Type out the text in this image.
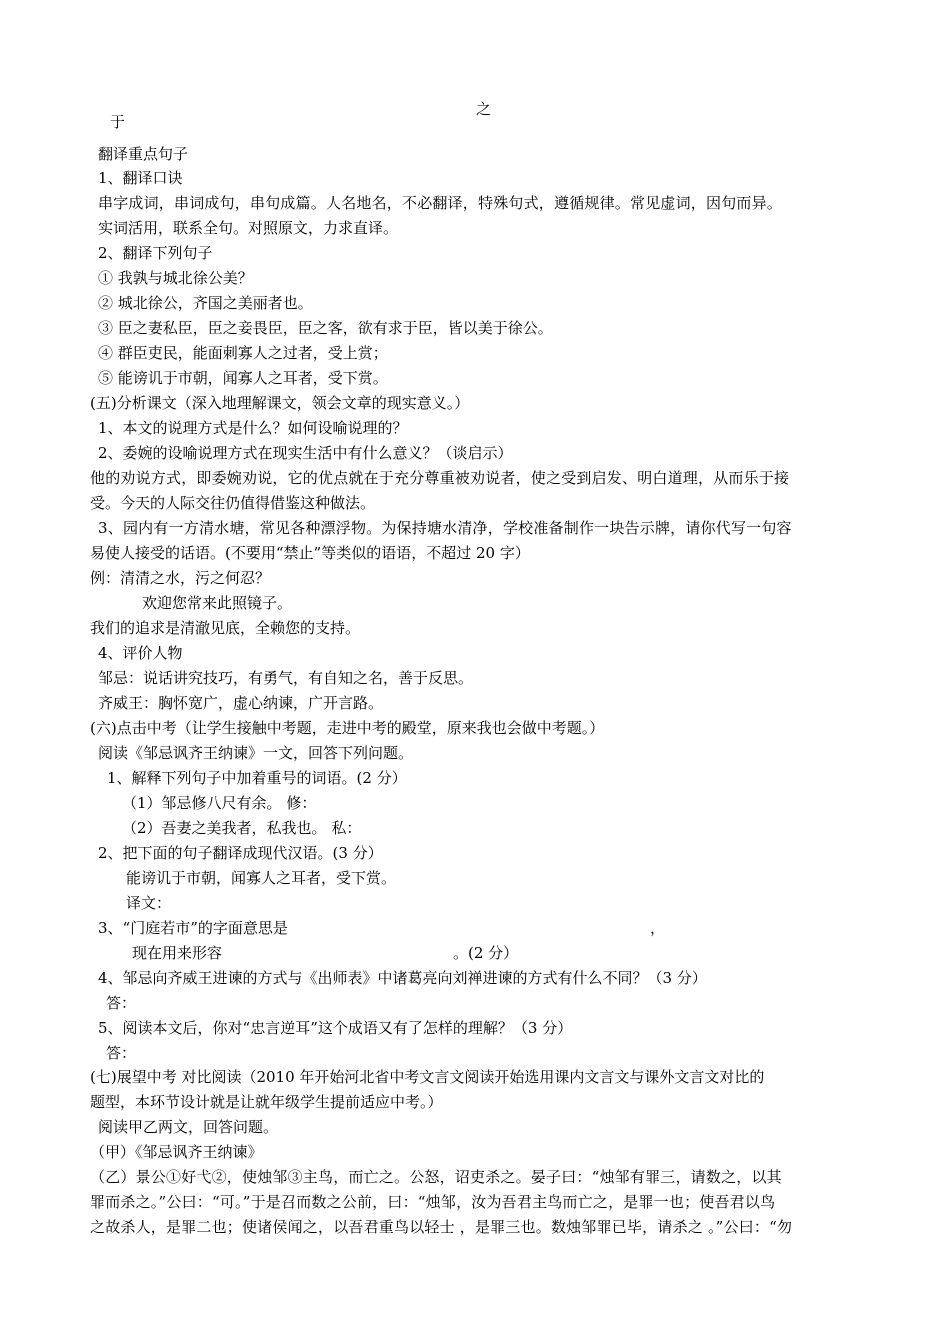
之
于
翻译重点句子
1、翻译口诀
串字成词，串词成句，串句成篇。人名地名，不必翻译，特殊句式，遵循规律。常见虚词，因句而异。
实词活用，联系全句。对照原文，力求直译。
2、翻译下列句子
① 我孰与城北徐公美？
② 城北徐公，齐国之美丽者也。
③ 臣之妻私臣，臣之妾畏臣，臣之客，欲有求于臣，皆以美于徐公。
④ 群臣吏民，能面刺寡人之过者，受上赏；
⑤ 能谤讥于市朝，闻寡人之耳者，受下赏。
(五)分析课文（深入地理解课文，领会文章的现实意义。）
1、本文的说理方式是什么？如何设喻说理的？
2、委婉的设喻说理方式在现实生活中有什么意义？（谈启示）
他的劝说方式，即委婉劝说，它的优点就在于充分尊重被劝说者，使之受到启发、明白道理，从而乐于接
受。今天的人际交往仍值得借鉴这种做法。
3、园内有一方清水塘，常见各种漂浮物。为保持塘水清净，学校准备制作一块告示牌，请你代写一句容
易使人接受的话语。(不要用“禁止”等类似的语语，不超过 20 字）
例：清清之水，污之何忍？
欢迎您常来此照镜子。
我们的追求是清澈见底，全赖您的支持。
4、评价人物
邹忌：说话讲究技巧，有勇气，有自知之名，善于反思。
齐威王：胸怀宽广，虚心纳谏，广开言路。
(六)点击中考（让学生接触中考题，走进中考的殿堂，原来我也会做中考题。）
阅读《邹忌讽齐王纳谏》一文，回答下列问题。
1、解释下列句子中加着重号的词语。(2 分）
（1）邹忌修八尺有余。 修：
（2）吾妻之美我者，私我也。 私：
2、把下面的句子翻译成现代汉语。(3 分）
能谤讥于市朝，闻寡人之耳者，受下赏。
译文：
3、“门庭若市”的字面意思是	，
现在用来形容	。(2 分）
4、邹忌向齐威王进谏的方式与《出师表》中诸葛亮向刘禅进谏的方式有什么不同？（3 分）
答：
5、阅读本文后，你对“忠言逆耳”这个成语又有了怎样的理解？（3 分）
答：
(七)展望中考 对比阅读（2010 年开始河北省中考文言文阅读开始选用课内文言文与课外文言文对比的
题型，本环节设计就是让就年级学生提前适应中考。）
阅读甲乙两文，回答问题。
（甲）《邹忌讽齐王纳谏》
（乙）景公①好弋②，使烛邹③主鸟，而亡之。公怒，诏吏杀之。晏子曰：“烛邹有罪三，请数之，以其
罪而杀之。”公曰：“可。”于是召而数之公前，曰：“烛邹，汝为吾君主鸟而亡之，是罪一也；使吾君以鸟
之故杀人，是罪二也；使诸侯闻之，以吾君重鸟以轻士 ，是罪三也。数烛邹罪已毕，请杀之 。”公曰：“勿
